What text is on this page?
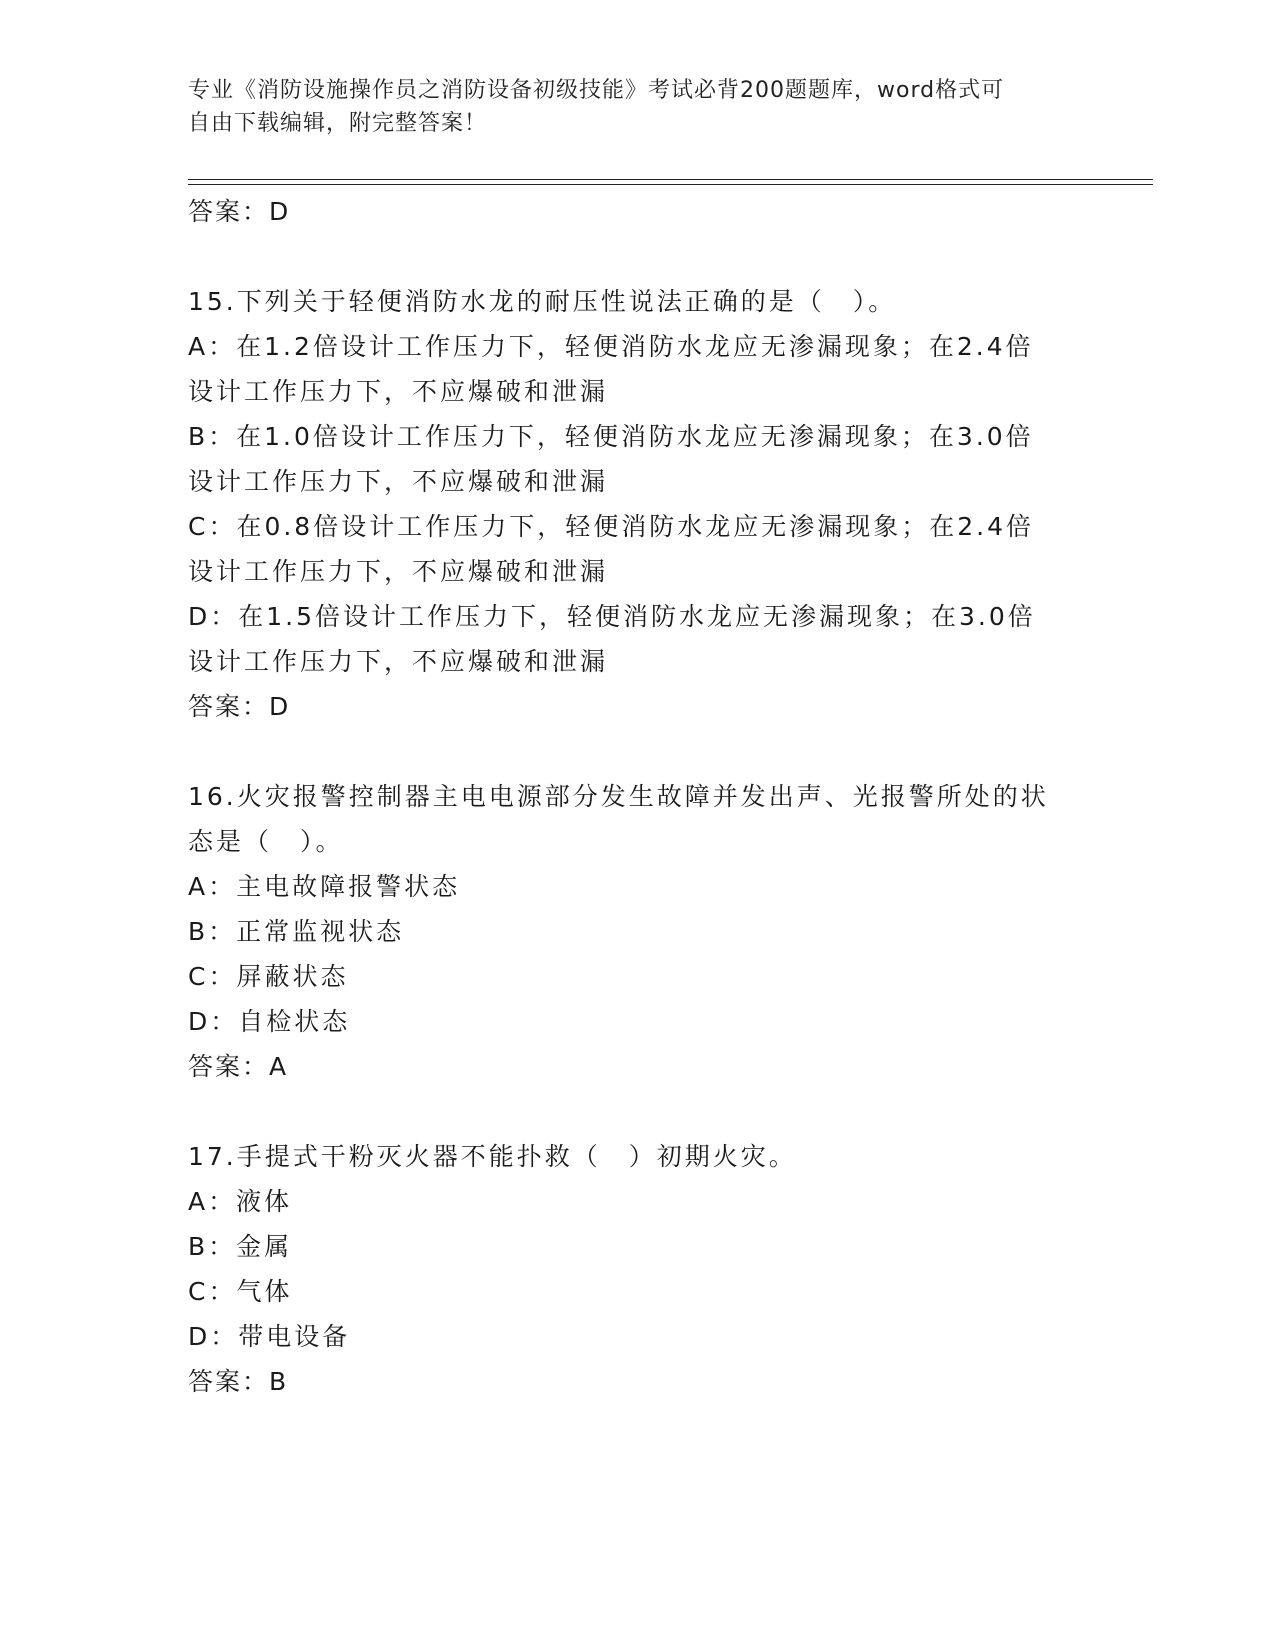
专业《消防设施操作员之消防设备初级技能》考试必背200题题库，word格式可
自由下载编辑，附完整答案！
答案：D
15.下列关于轻便消防水龙的耐压性说法正确的是（　）。
A：在1.2倍设计工作压力下，轻便消防水龙应无渗漏现象；在2.4倍
设计工作压力下，不应爆破和泄漏
B：在1.0倍设计工作压力下，轻便消防水龙应无渗漏现象；在3.0倍
设计工作压力下，不应爆破和泄漏
C：在0.8倍设计工作压力下，轻便消防水龙应无渗漏现象；在2.4倍
设计工作压力下，不应爆破和泄漏
D：在1.5倍设计工作压力下，轻便消防水龙应无渗漏现象；在3.0倍
设计工作压力下，不应爆破和泄漏
答案：D
16.火灾报警控制器主电电源部分发生故障并发出声、光报警所处的状
态是（　）。
A：主电故障报警状态
B：正常监视状态
C：屏蔽状态
D：自检状态
答案：A
17.手提式干粉灭火器不能扑救（　）初期火灾。
A：液体
B：金属
C：气体
D：带电设备
答案：B
